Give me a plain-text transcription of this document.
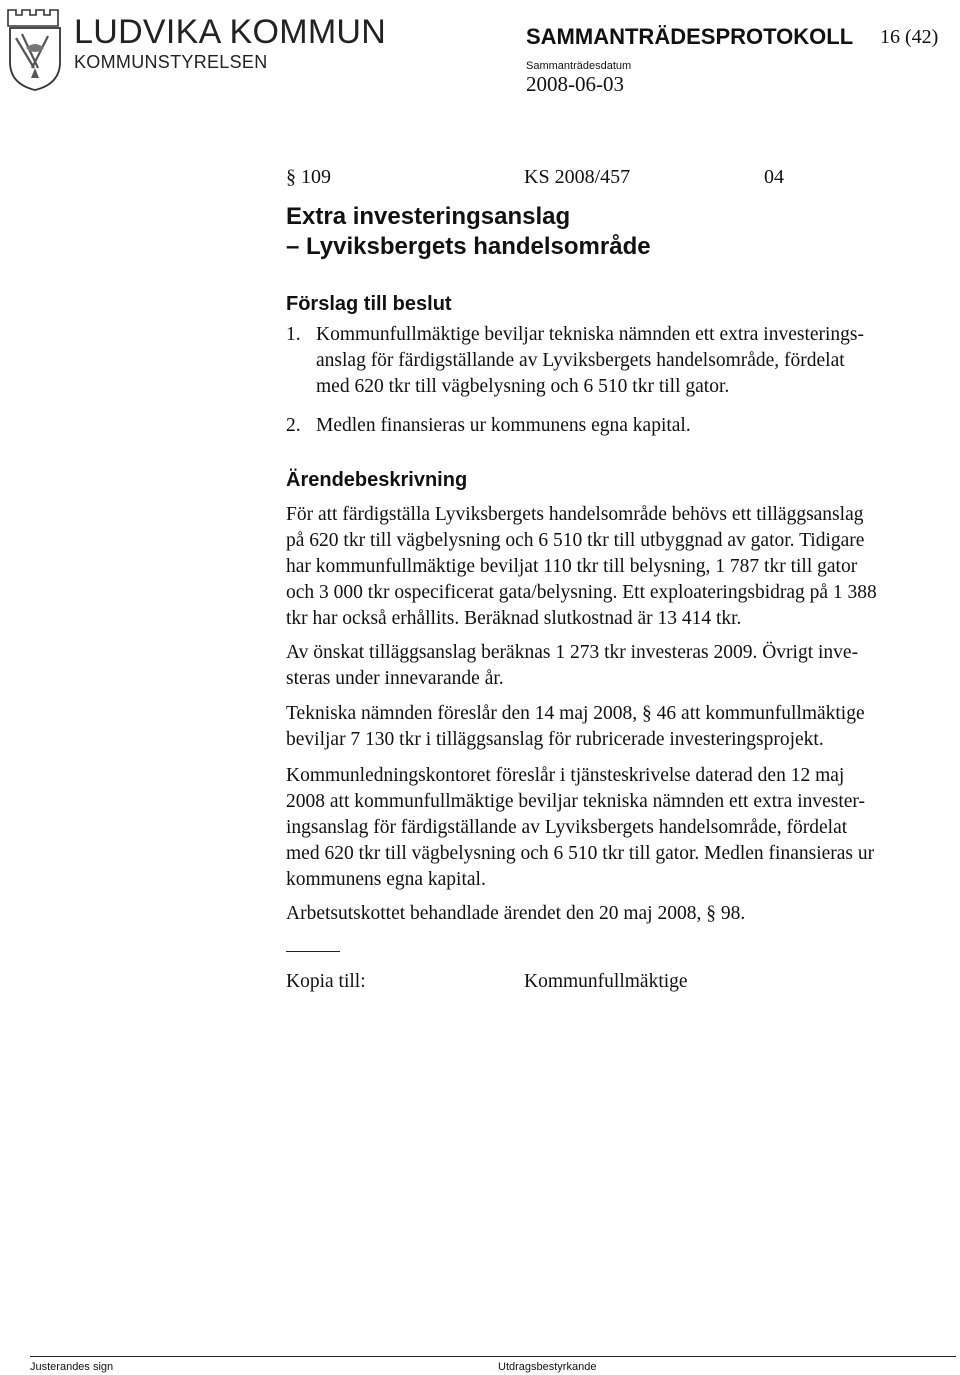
LUDVIKA KOMMUN
KOMMUNSTYRELSEN
SAMMANTRÄDESPROTOKOLL 16 (42)
Sammanträdesdatum
2008-06-03
§ 109	KS 2008/457	04
Extra investeringsanslag
– Lyviksbergets handelsområde
Förslag till beslut
1. Kommunfullmäktige beviljar tekniska nämnden ett extra investerings-
anslag för färdigställande av Lyviksbergets handelsområde, fördelat
med 620 tkr till vägbelysning och 6 510 tkr till gator.
2. Medlen finansieras ur kommunens egna kapital.
Ärendebeskrivning
För att färdigställa Lyviksbergets handelsområde behövs ett tilläggsanslag
på 620 tkr till vägbelysning och 6 510 tkr till utbyggnad av gator. Tidigare
har kommunfullmäktige beviljat 110 tkr till belysning, 1 787 tkr till gator
och 3 000 tkr ospecificerat gata/belysning. Ett exploateringsbidrag på 1 388
tkr har också erhållits. Beräknad slutkostnad är 13 414 tkr.
Av önskat tilläggsanslag beräknas 1 273 tkr investeras 2009. Övrigt inve-
steras under innevarande år.
Tekniska nämnden föreslår den 14 maj 2008, § 46 att kommunfullmäktige
beviljar 7 130 tkr i tilläggsanslag för rubricerade investeringsprojekt.
Kommunledningskontoret föreslår i tjänsteskrivelse daterad den 12 maj
2008 att kommunfullmäktige beviljar tekniska nämnden ett extra invester-
ingsanslag för färdigställande av Lyviksbergets handelsområde, fördelat
med 620 tkr till vägbelysning och 6 510 tkr till gator. Medlen finansieras ur
kommunens egna kapital.
Arbetsutskottet behandlade ärendet den 20 maj 2008, § 98.
Kopia till:	Kommunfullmäktige
Justerandes sign	Utdragsbestyrkande
